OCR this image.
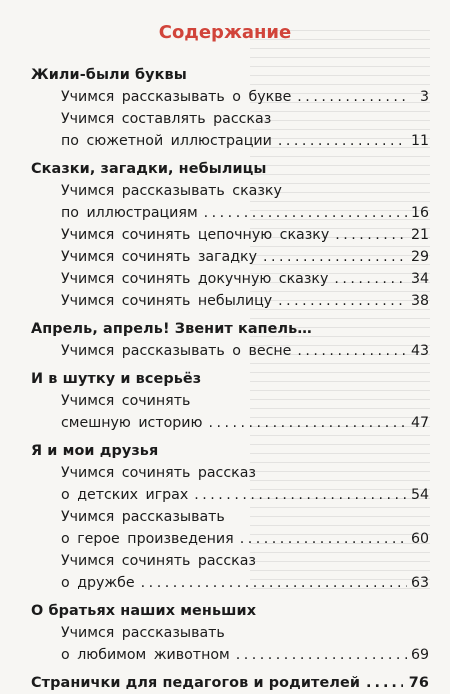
Содержание
Жили-были буквы
Учимся рассказывать о букве .....	3
Учимся составлять рассказ
по сюжетной иллюстрации .....	11
Сказки, загадки, небылицы
Учимся рассказывать сказку
по иллюстрациям .....	16
Учимся сочинять цепочную сказку .....	21
Учимся сочинять загадку .....	29
Учимся сочинять докучную сказку .....	34
Учимся сочинять небылицу .....	38
Апрель, апрель! Звенит капель…
Учимся рассказывать о весне .....	43
И в шутку и всерьёз
Учимся сочинять
смешную историю .....	47
Я и мои друзья
Учимся сочинять рассказ
о детских играх .....	54
Учимся рассказывать
о герое произведения .....	60
Учимся сочинять рассказ
о дружбе .....	63
О братьях наших меньших
Учимся рассказывать
о любимом животном .....	69
Странички для педагогов и родителей .....	76
